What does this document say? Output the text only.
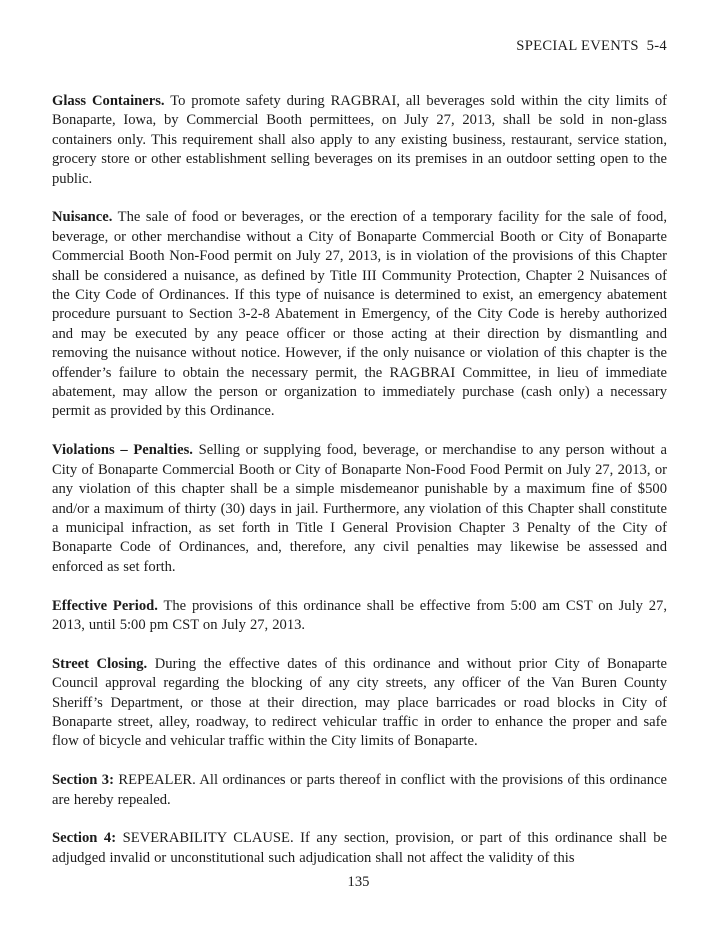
SPECIAL EVENTS  5-4

Glass Containers. To promote safety during RAGBRAI, all beverages sold within the city limits of Bonaparte, Iowa, by Commercial Booth permittees, on July 27, 2013, shall be sold in non-glass containers only. This requirement shall also apply to any existing business, restaurant, service station, grocery store or other establishment selling beverages on its premises in an outdoor setting open to the public.

Nuisance. The sale of food or beverages, or the erection of a temporary facility for the sale of food, beverage, or other merchandise without a City of Bonaparte Commercial Booth or City of Bonaparte Commercial Booth Non-Food permit on July 27, 2013, is in violation of the provisions of this Chapter shall be considered a nuisance, as defined by Title III Community Protection, Chapter 2 Nuisances of the City Code of Ordinances. If this type of nuisance is determined to exist, an emergency abatement procedure pursuant to Section 3-2-8 Abatement in Emergency, of the City Code is hereby authorized and may be executed by any peace officer or those acting at their direction by dismantling and removing the nuisance without notice. However, if the only nuisance or violation of this chapter is the offender’s failure to obtain the necessary permit, the RAGBRAI Committee, in lieu of immediate abatement, may allow the person or organization to immediately purchase (cash only) a necessary permit as provided by this Ordinance.

Violations – Penalties. Selling or supplying food, beverage, or merchandise to any person without a City of Bonaparte Commercial Booth or City of Bonaparte Non-Food Food Permit on July 27, 2013, or any violation of this chapter shall be a simple misdemeanor punishable by a maximum fine of $500 and/or a maximum of thirty (30) days in jail. Furthermore, any violation of this Chapter shall constitute a municipal infraction, as set forth in Title I General Provision Chapter 3 Penalty of the City of Bonaparte Code of Ordinances, and, therefore, any civil penalties may likewise be assessed and enforced as set forth.

Effective Period. The provisions of this ordinance shall be effective from 5:00 am CST on July 27, 2013, until 5:00 pm CST on July 27, 2013.

Street Closing. During the effective dates of this ordinance and without prior City of Bonaparte Council approval regarding the blocking of any city streets, any officer of the Van Buren County Sheriff’s Department, or those at their direction, may place barricades or road blocks in City of Bonaparte street, alley, roadway, to redirect vehicular traffic in order to enhance the proper and safe flow of bicycle and vehicular traffic within the City limits of Bonaparte.

Section 3: REPEALER. All ordinances or parts thereof in conflict with the provisions of this ordinance are hereby repealed.

Section 4: SEVERABILITY CLAUSE. If any section, provision, or part of this ordinance shall be adjudged invalid or unconstitutional such adjudication shall not affect the validity of this

135
